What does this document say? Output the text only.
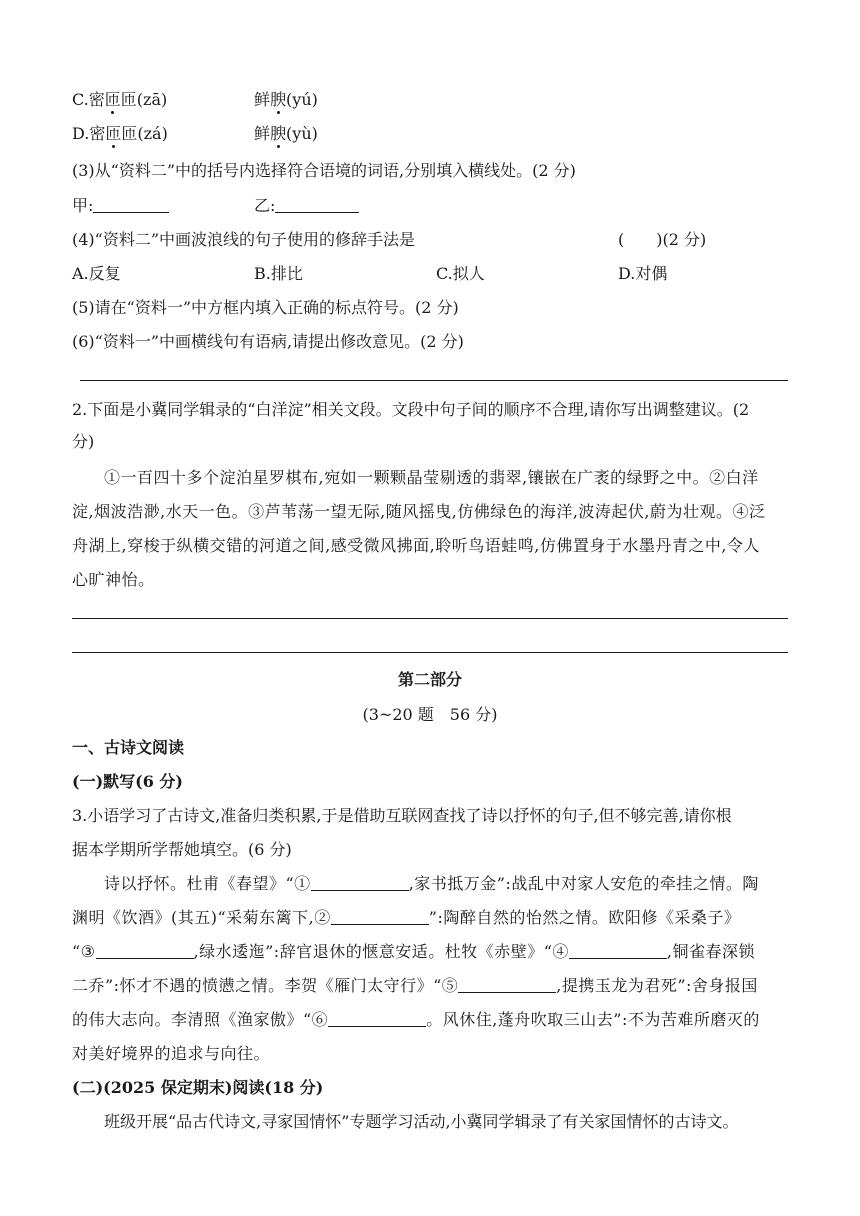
C.密匝匝(zā)	鲜腴(yú)
D.密匝匝(zá)	鲜腴(yù)
(3)从“资料二”中的括号内选择符合语境的词语,分别填入横线处。(2 分)
甲:	乙:
(4)“资料二”中画波浪线的句子使用的修辞手法是	(　　)(2 分)
A.反复	B.排比	C.拟人	D.对偶
(5)请在“资料一”中方框内填入正确的标点符号。(2 分)
(6)“资料一”中画横线句有语病,请提出修改意见。(2 分)
2.下面是小冀同学辑录的“白洋淀”相关文段。文段中句子间的顺序不合理,请你写出调整建议。(2
分)
①一百四十多个淀泊星罗棋布,宛如一颗颗晶莹剔透的翡翠,镶嵌在广袤的绿野之中。②白洋
淀,烟波浩渺,水天一色。③芦苇荡一望无际,随风摇曳,仿佛绿色的海洋,波涛起伏,蔚为壮观。④泛
舟湖上,穿梭于纵横交错的河道之间,感受微风拂面,聆听鸟语蛙鸣,仿佛置身于水墨丹青之中,令人
心旷神怡。
第二部分
(3~20 题　56 分)
一、古诗文阅读
(一)默写(6 分)
3.小语学习了古诗文,准备归类积累,于是借助互联网查找了诗以抒怀的句子,但不够完善,请你根
据本学期所学帮她填空。(6 分)
诗以抒怀。杜甫《春望》“①	,家书抵万金”:战乱中对家人安危的牵挂之情。陶
渊明《饮酒》(其五)“采菊东篱下,②	”:陶醉自然的怡然之情。欧阳修《采桑子》
“③	,绿水逶迤”:辞官退休的惬意安适。杜牧《赤壁》“④	,铜雀春深锁
二乔”:怀才不遇的愤懑之情。李贺《雁门太守行》“⑤	,提携玉龙为君死”:舍身报国
的伟大志向。李清照《渔家傲》“⑥	。风休住,蓬舟吹取三山去”:不为苦难所磨灭的
对美好境界的追求与向往。
(二)(2025 保定期末)阅读(18 分)
班级开展“品古代诗文,寻家国情怀”专题学习活动,小冀同学辑录了有关家国情怀的古诗文。
